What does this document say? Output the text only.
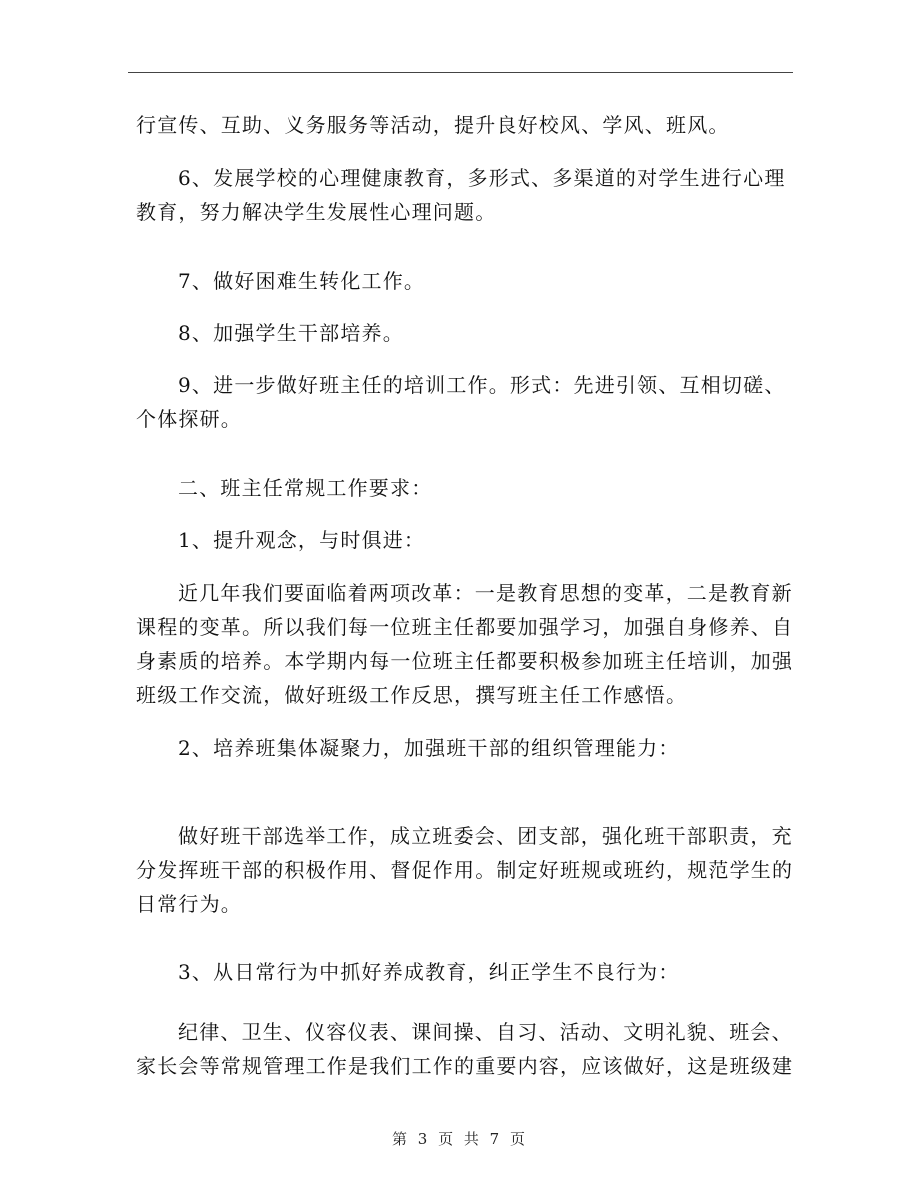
行宣传、互助、义务服务等活动，提升良好校风、学风、班风。
6、发展学校的心理健康教育，多形式、多渠道的对学生进行心理
教育，努力解决学生发展性心理问题。
7、做好困难生转化工作。
8、加强学生干部培养。
9、进一步做好班主任的培训工作。形式：先进引领、互相切磋、
个体探研。
二、班主任常规工作要求：
1、提升观念，与时俱进：
近几年我们要面临着两项改革：一是教育思想的变革，二是教育新
课程的变革。所以我们每一位班主任都要加强学习，加强自身修养、自
身素质的培养。本学期内每一位班主任都要积极参加班主任培训，加强
班级工作交流，做好班级工作反思，撰写班主任工作感悟。
2、培养班集体凝聚力，加强班干部的组织管理能力：
做好班干部选举工作，成立班委会、团支部，强化班干部职责，充
分发挥班干部的积极作用、督促作用。制定好班规或班约，规范学生的
日常行为。
3、从日常行为中抓好养成教育，纠正学生不良行为：
纪律、卫生、仪容仪表、课间操、自习、活动、文明礼貌、班会、
家长会等常规管理工作是我们工作的重要内容，应该做好，这是班级建
第 3 页 共 7 页
